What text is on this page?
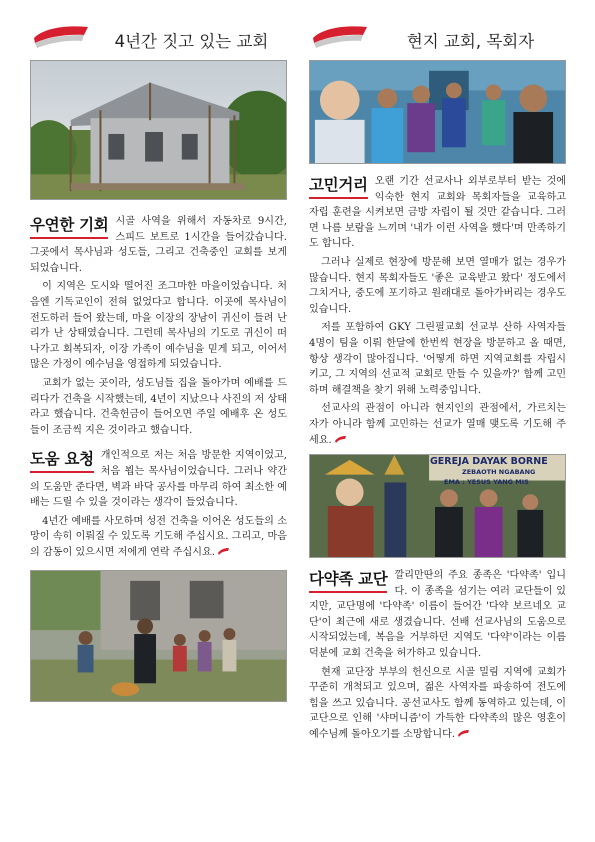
4년간 짓고 있는 교회
우연한 기회 시골 사역을 위해서 자동차로 9시간, 스피드 보트로 1시간을 들어갔습니다. 그곳에서 목사님과 성도들, 그리고 건축중인 교회를 보게 되었습니다.

이 지역은 도시와 떨어진 조그마한 마을이었습니다. 처음엔 기독교인이 전혀 없었다고 합니다. 이곳에 목사님이 전도하러 들어 왔는데, 마을 이장의 장남이 귀신이 들려 난리가 난 상태였습니다. 그런데 목사님의 기도로 귀신이 떠나가고 회복되자, 이장 가족이 예수님을 믿게 되고, 이어서 많은 가정이 예수님을 영접하게 되었습니다.

교회가 없는 곳이라, 성도님들 집을 돌아가며 예배를 드리다가 건축을 시작했는데, 4년이 지났으나 사진의 저 상태라고 했습니다. 건축헌금이 들어오면 주일 예배후 온 성도들이 조금씩 지은 것이라고 했습니다.

도움 요청 개인적으로 저는 처음 방문한 지역이었고, 처음 뵙는 목사님이었습니다. 그러나 약간의 도움만 준다면, 벽과 바닥 공사를 마무리 하여 최소한 예배는 드릴 수 있을 것이라는 생각이 들었습니다.

4년간 예배를 사모하며 성전 건축을 이어온 성도들의 소망이 속히 이뤄질 수 있도록 기도해 주십시요. 그리고, 마음의 감동이 있으시면 저에게 연락 주십시요.

현지 교회, 목회자
고민거리 오랜 기간 선교사나 외부로부터 받는 것에 익숙한 현지 교회와 목회자들을 교육하고 자립 훈련을 시켜보면 금방 자립이 될 것만 같습니다. 그러면 나름 보람을 느끼며 '내가 이런 사역을 했다'며 만족하기도 합니다.

그러나 실제로 현장에 방문해 보면 열매가 없는 경우가 많습니다. 현지 목회자들도 '좋은 교육받고 왔다' 정도에서 그치거나, 중도에 포기하고 원래대로 돌아가버리는 경우도 있습니다.

저를 포함하여 GKY 그린필교회 선교부 산하 사역자들 4명이 팀을 이뤄 한달에 한번씩 현장을 방문하고 올 때면, 항상 생각이 많아집니다. '어떻게 하면 지역교회를 자립시키고, 그 지역의 선교적 교회로 만들 수 있을까?' 함께 고민하며 해결책을 찾기 위해 노력중입니다.

선교사의 관점이 아니라 현지인의 관점에서, 가르치는 자가 아니라 함께 고민하는 선교가 열매 맺도록 기도해 주세요.

GEREJA DAYAK BORNE
ZEBAOTH NGABANG
EMA : YESUS YANG MIS
다약족 교단 깔리만딴의 주요 종족은 '다약족' 입니다. 이 종족을 섬기는 여러 교단들이 있지만, 교단명에 '다약족' 이름이 들어간 '다약 보르네오 교단'이 최근에 새로 생겼습니다. 선배 선교사님의 도움으로 시작되었는데, 복음을 거부하던 지역도 '다약'이라는 이름 덕분에 교회 건축을 허가하고 있습니다.

현재 교단장 부부의 헌신으로 시골 밀림 지역에 교회가 꾸준히 개척되고 있으며, 젊은 사역자를 파송하여 전도에 힘을 쓰고 있습니다. 공선교사도 함께 동역하고 있는데, 이 교단으로 인해 '샤머니즘'이 가득한 다약족의 많은 영혼이 예수님께 돌아오기를 소망합니다.
